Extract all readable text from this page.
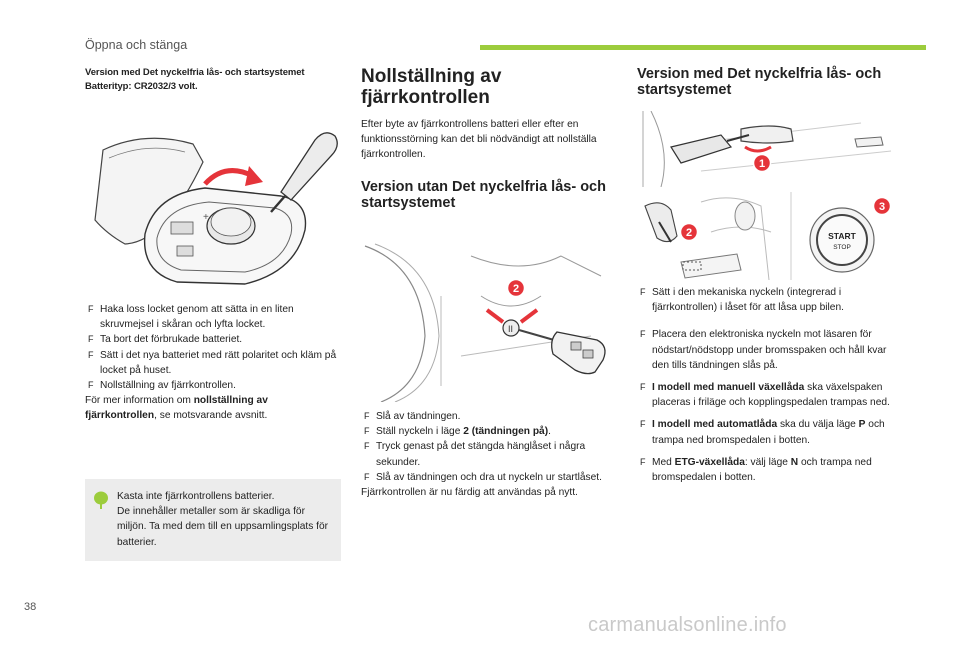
Öppna och stänga
Version med Det nyckelfria lås- och startsystemet
Batterityp: CR2032/3 volt.
+
F Haka loss locket genom att sätta in en liten skruvmejsel i skåran och lyfta locket.
F Ta bort det förbrukade batteriet.
F Sätt i det nya batteriet med rätt polaritet och kläm på locket på huset.
F Nollställning av fjärrkontrollen.
För mer information om nollställning av fjärrkontrollen, se motsvarande avsnitt.
Kasta inte fjärrkontrollens batterier.
De innehåller metaller som är skadliga för miljön. Ta med dem till en uppsamlingsplats för batterier.
Nollställning av fjärrkontrollen
Efter byte av fjärrkontrollens batteri eller efter en funktionsstörning kan det bli nödvändigt att nollställa fjärrkontrollen.
Version utan Det nyckelfria lås- och startsystemet
II
2
F Slå av tändningen.
F Ställ nyckeln i läge 2 (tändningen på).
F Tryck genast på det stängda hänglåset i några sekunder.
F Slå av tändningen och dra ut nyckeln ur startlåset.
Fjärrkontrollen är nu färdig att användas på nytt.
Version med Det nyckelfria lås- och startsystemet
1
2	START
STOP
3
F Sätt i den mekaniska nyckeln (integrerad i fjärrkontrollen) i låset för att låsa upp bilen.
F Placera den elektroniska nyckeln mot läsaren för nödstart/nödstopp under bromsspaken och håll kvar den tills tändningen slås på.
F I modell med manuell växellåda ska växelspaken placeras i friläge och kopplingspedalen trampas ned.
F I modell med automatlåda ska du välja läge P och trampa ned bromspedalen i botten.
F Med ETG-växellåda: välj läge N och trampa ned bromspedalen i botten.
38
carmanualsonline.info
